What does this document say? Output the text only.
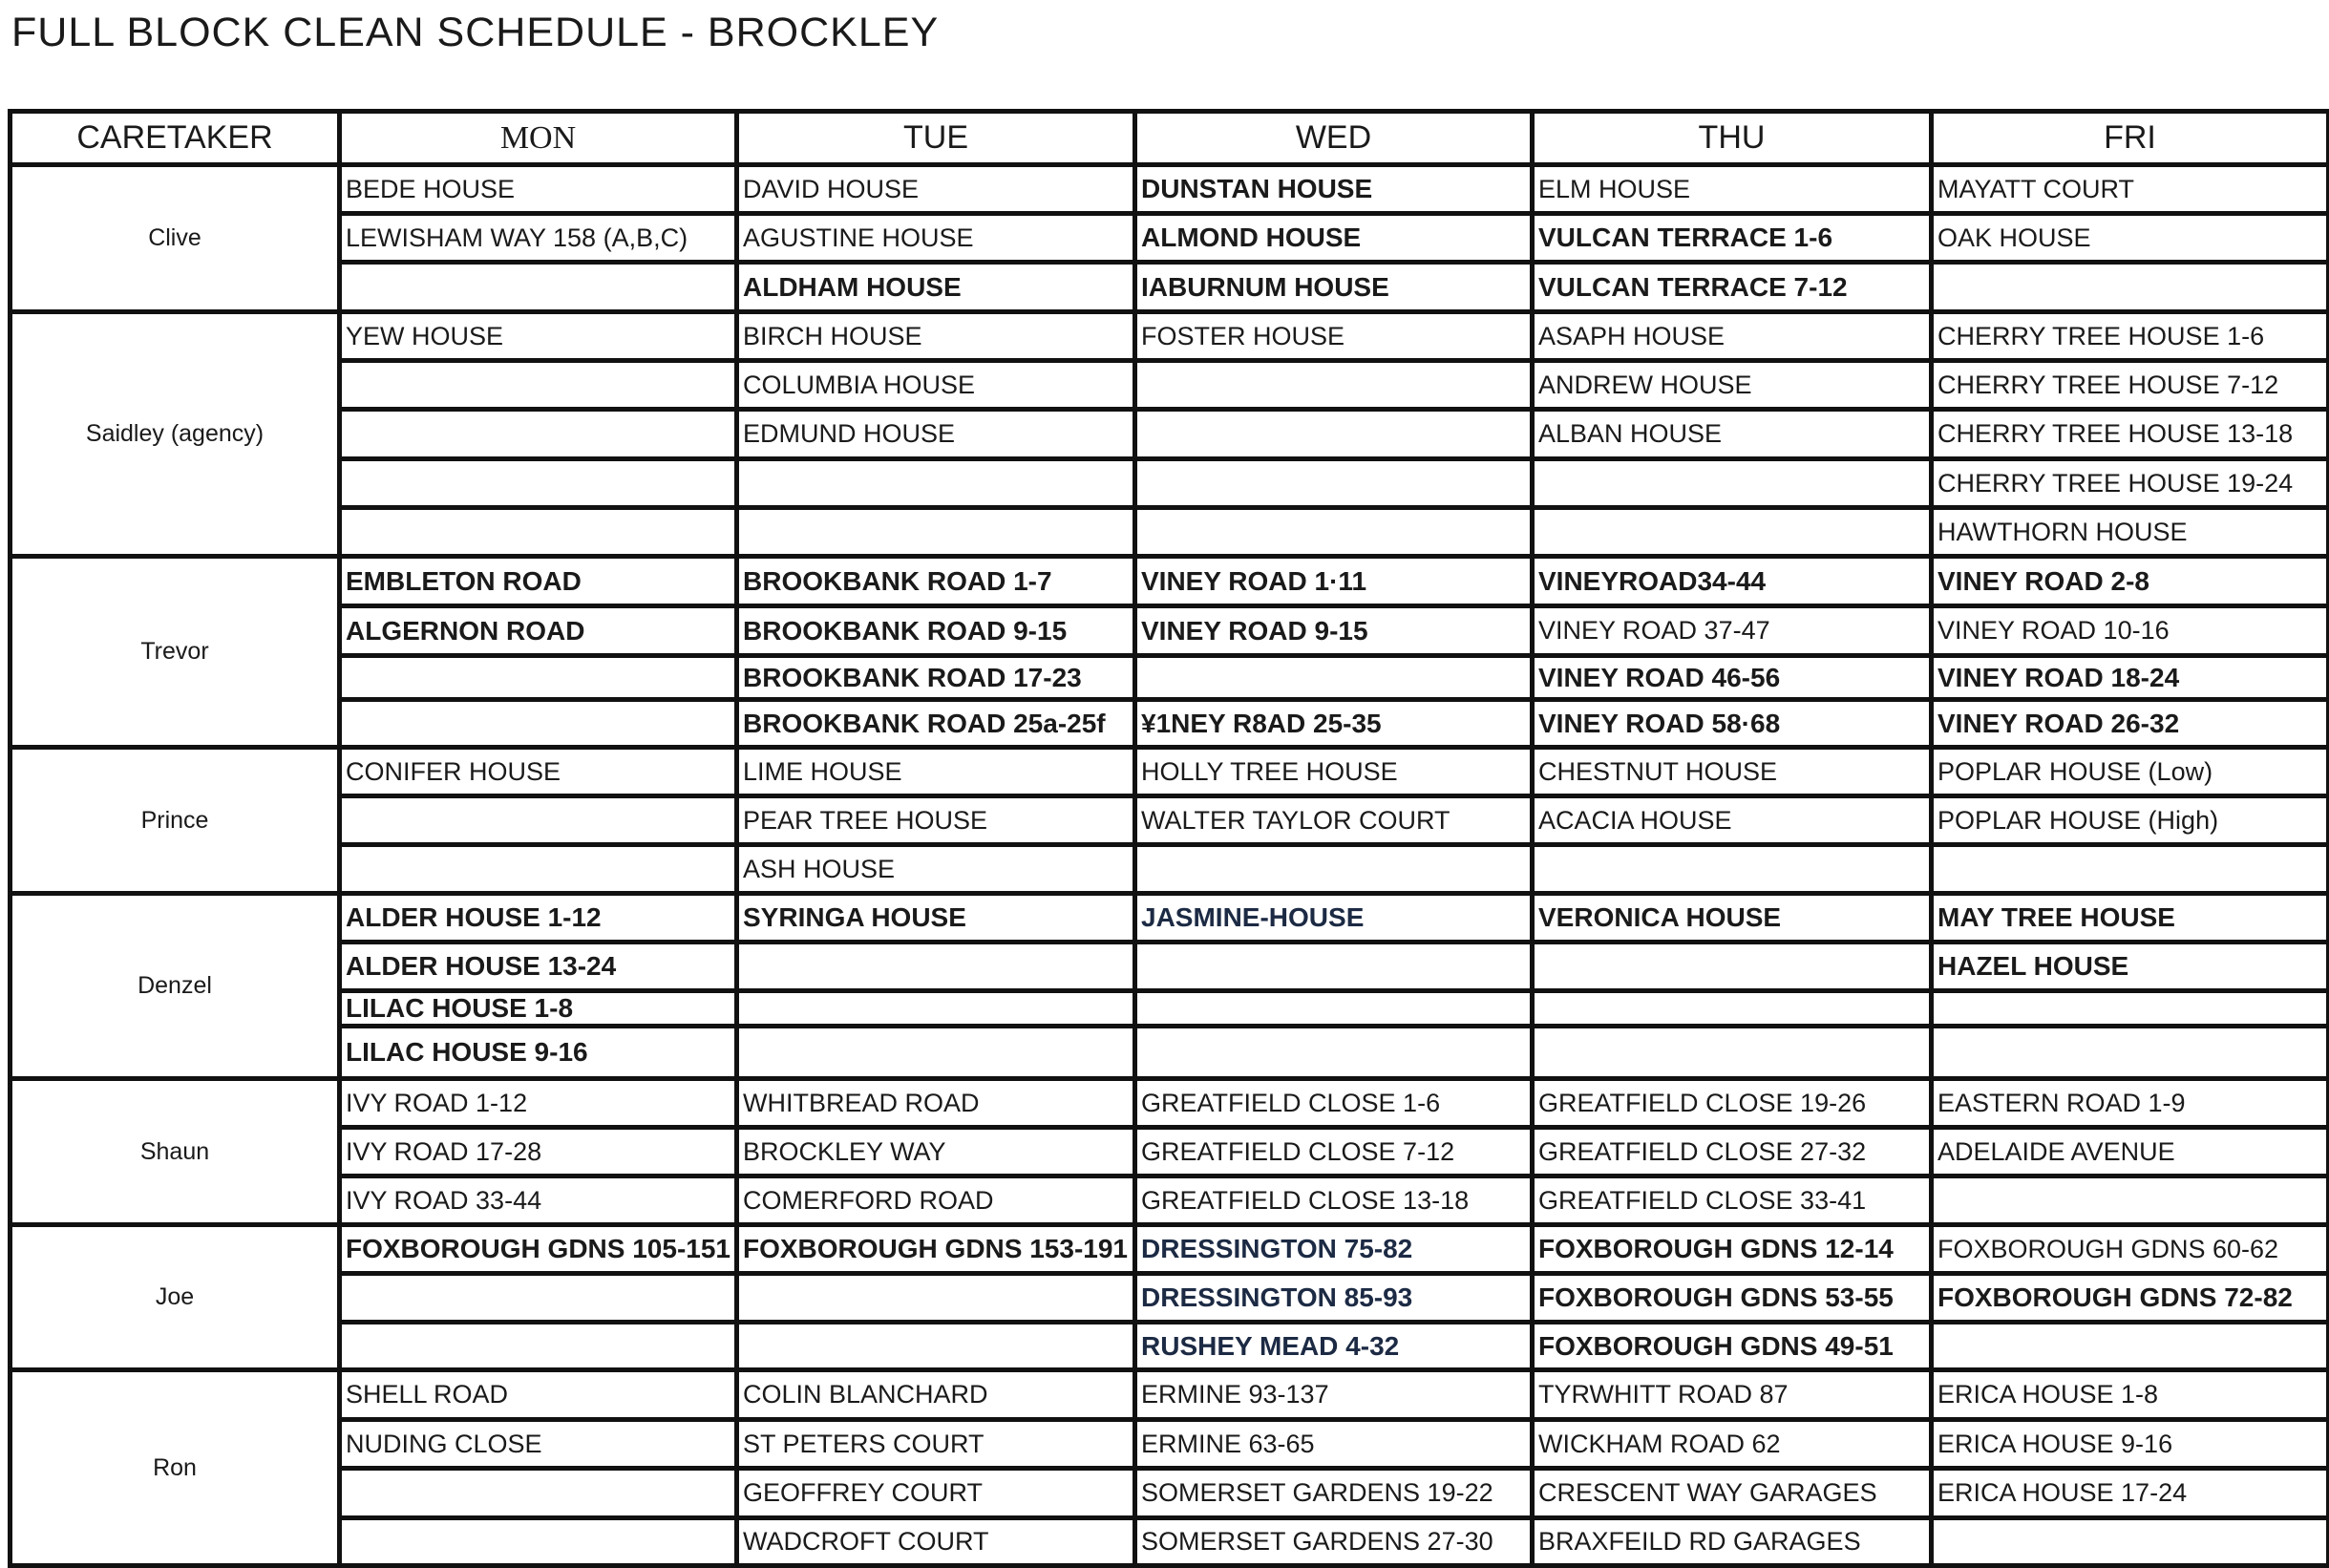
FULL BLOCK CLEAN SCHEDULE - BROCKLEY
CARETAKER	MON	TUE	WED	THU	FRI
Clive	BEDE HOUSE	DAVID HOUSE	DUNSTAN HOUSE	ELM HOUSE	MAYATT COURT
	LEWISHAM WAY 158 (A,B,C)	AGUSTINE HOUSE	ALMOND HOUSE	VULCAN TERRACE 1-6	OAK HOUSE
		ALDHAM HOUSE	IABURNUM HOUSE	VULCAN TERRACE 7-12	
Saidley (agency)	YEW HOUSE	BIRCH HOUSE	FOSTER HOUSE	ASAPH HOUSE	CHERRY TREE HOUSE 1-6
		COLUMBIA HOUSE		ANDREW HOUSE	CHERRY TREE HOUSE 7-12
		EDMUND HOUSE		ALBAN HOUSE	CHERRY TREE HOUSE 13-18
					CHERRY TREE HOUSE 19-24
					HAWTHORN HOUSE
Trevor	EMBLETON ROAD	BROOKBANK ROAD 1-7	VINEY ROAD 1·11	VINEYROAD34-44	VINEY ROAD 2-8
	ALGERNON ROAD	BROOKBANK ROAD 9-15	VINEY ROAD 9-15	VINEY ROAD 37-47	VINEY ROAD 10-16
		BROOKBANK ROAD 17-23		VINEY ROAD 46-56	VINEY ROAD 18-24
		BROOKBANK ROAD 25a-25f	¥1NEY R8AD 25-35	VINEY ROAD 58·68	VINEY ROAD 26-32
Prince	CONIFER HOUSE	LIME HOUSE	HOLLY TREE HOUSE	CHESTNUT HOUSE	POPLAR HOUSE (Low)
		PEAR TREE HOUSE	WALTER TAYLOR COURT	ACACIA HOUSE	POPLAR HOUSE (High)
		ASH HOUSE			
Denzel	ALDER HOUSE 1-12	SYRINGA HOUSE	JASMINE-HOUSE	VERONICA HOUSE	MAY TREE HOUSE
	ALDER HOUSE 13-24				HAZEL HOUSE
	LILAC HOUSE 1-8				
	LILAC HOUSE 9-16				
Shaun	IVY ROAD 1-12	WHITBREAD ROAD	GREATFIELD CLOSE 1-6	GREATFIELD CLOSE 19-26	EASTERN ROAD 1-9
	IVY ROAD 17-28	BROCKLEY WAY	GREATFIELD CLOSE 7-12	GREATFIELD CLOSE 27-32	ADELAIDE AVENUE
	IVY ROAD 33-44	COMERFORD ROAD	GREATFIELD CLOSE 13-18	GREATFIELD CLOSE 33-41	
Joe	FOXBOROUGH GDNS 105-151	FOXBOROUGH GDNS 153-191	DRESSINGTON 75-82	FOXBOROUGH GDNS 12-14	FOXBOROUGH GDNS 60-62
			DRESSINGTON 85-93	FOXBOROUGH GDNS 53-55	FOXBOROUGH GDNS 72-82
			RUSHEY MEAD 4-32	FOXBOROUGH GDNS 49-51	
Ron	SHELL ROAD	COLIN BLANCHARD	ERMINE 93-137	TYRWHITT ROAD 87	ERICA HOUSE 1-8
	NUDING CLOSE	ST PETERS COURT	ERMINE 63-65	WICKHAM ROAD 62	ERICA HOUSE 9-16
		GEOFFREY COURT	SOMERSET GARDENS 19-22	CRESCENT WAY GARAGES	ERICA HOUSE 17-24
		WADCROFT COURT	SOMERSET GARDENS 27-30	BRAXFEILD RD GARAGES	
